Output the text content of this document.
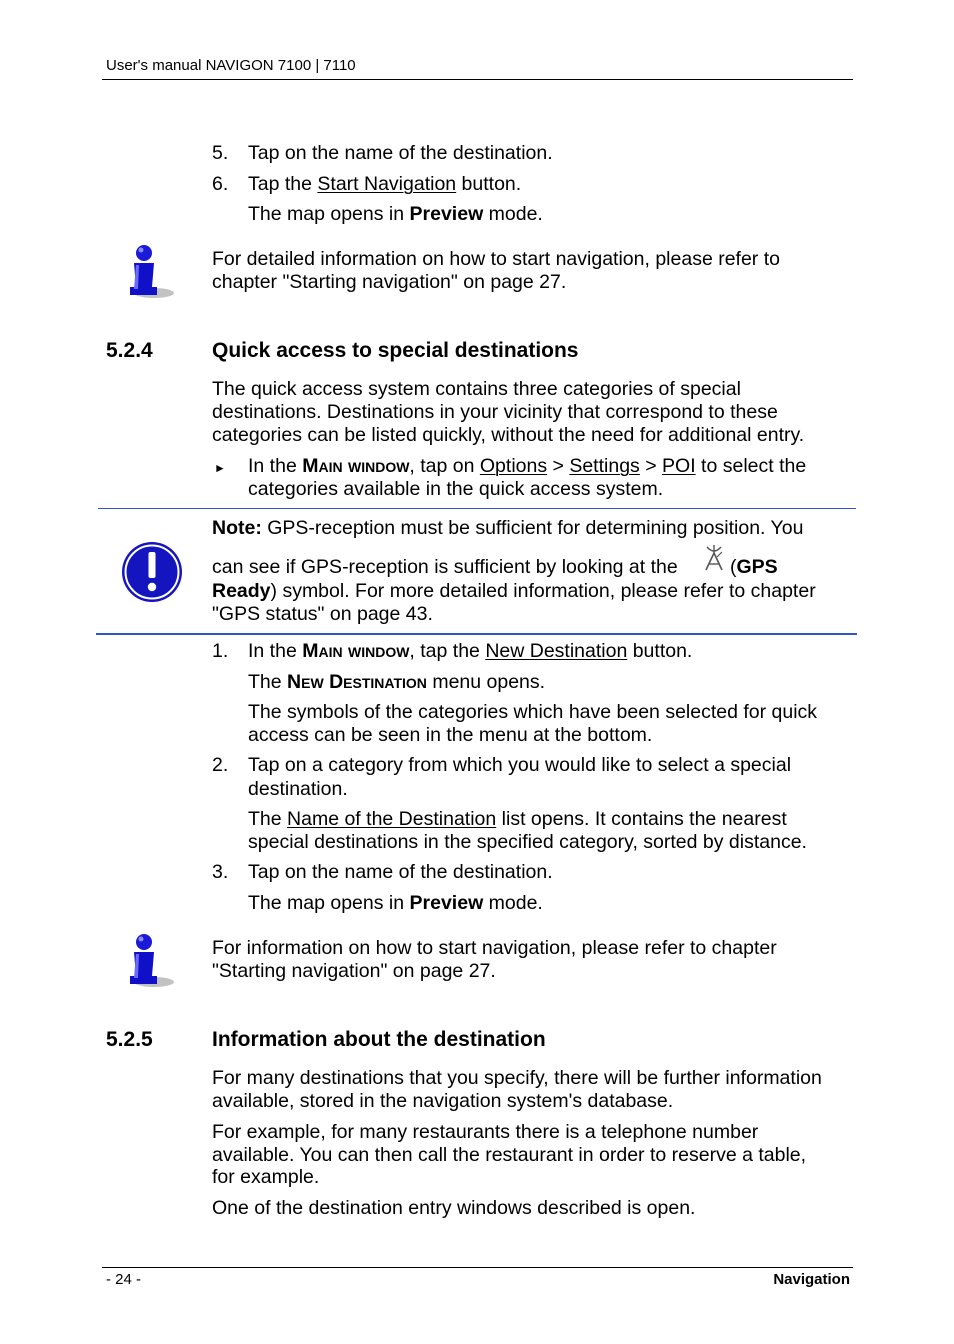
User's manual NAVIGON 7100 | 7110
5. Tap on the name of the destination.
6. Tap the Start Navigation button.
The map opens in Preview mode.
For detailed information on how to start navigation, please refer to
chapter "Starting navigation" on page 27.
5.2.4	Quick access to special destinations
The quick access system contains three categories of special
destinations. Destinations in your vicinity that correspond to these
categories can be listed quickly, without the need for additional entry.
► In the Main window, tap on Options > Settings > POI to select the
categories available in the quick access system.
Note: GPS-reception must be sufficient for determining position. You
can see if GPS-reception is sufficient by looking at the	(GPS
Ready) symbol. For more detailed information, please refer to chapter
"GPS status" on page 43.
1. In the Main window, tap the New Destination button.
The New Destination menu opens.
The symbols of the categories which have been selected for quick
access can be seen in the menu at the bottom.
2. Tap on a category from which you would like to select a special
destination.
The Name of the Destination list opens. It contains the nearest
special destinations in the specified category, sorted by distance.
3. Tap on the name of the destination.
The map opens in Preview mode.
For information on how to start navigation, please refer to chapter
"Starting navigation" on page 27.
5.2.5	Information about the destination
For many destinations that you specify, there will be further information
available, stored in the navigation system's database.
For example, for many restaurants there is a telephone number
available. You can then call the restaurant in order to reserve a table,
for example.
One of the destination entry windows described is open.
- 24 -	Navigation
